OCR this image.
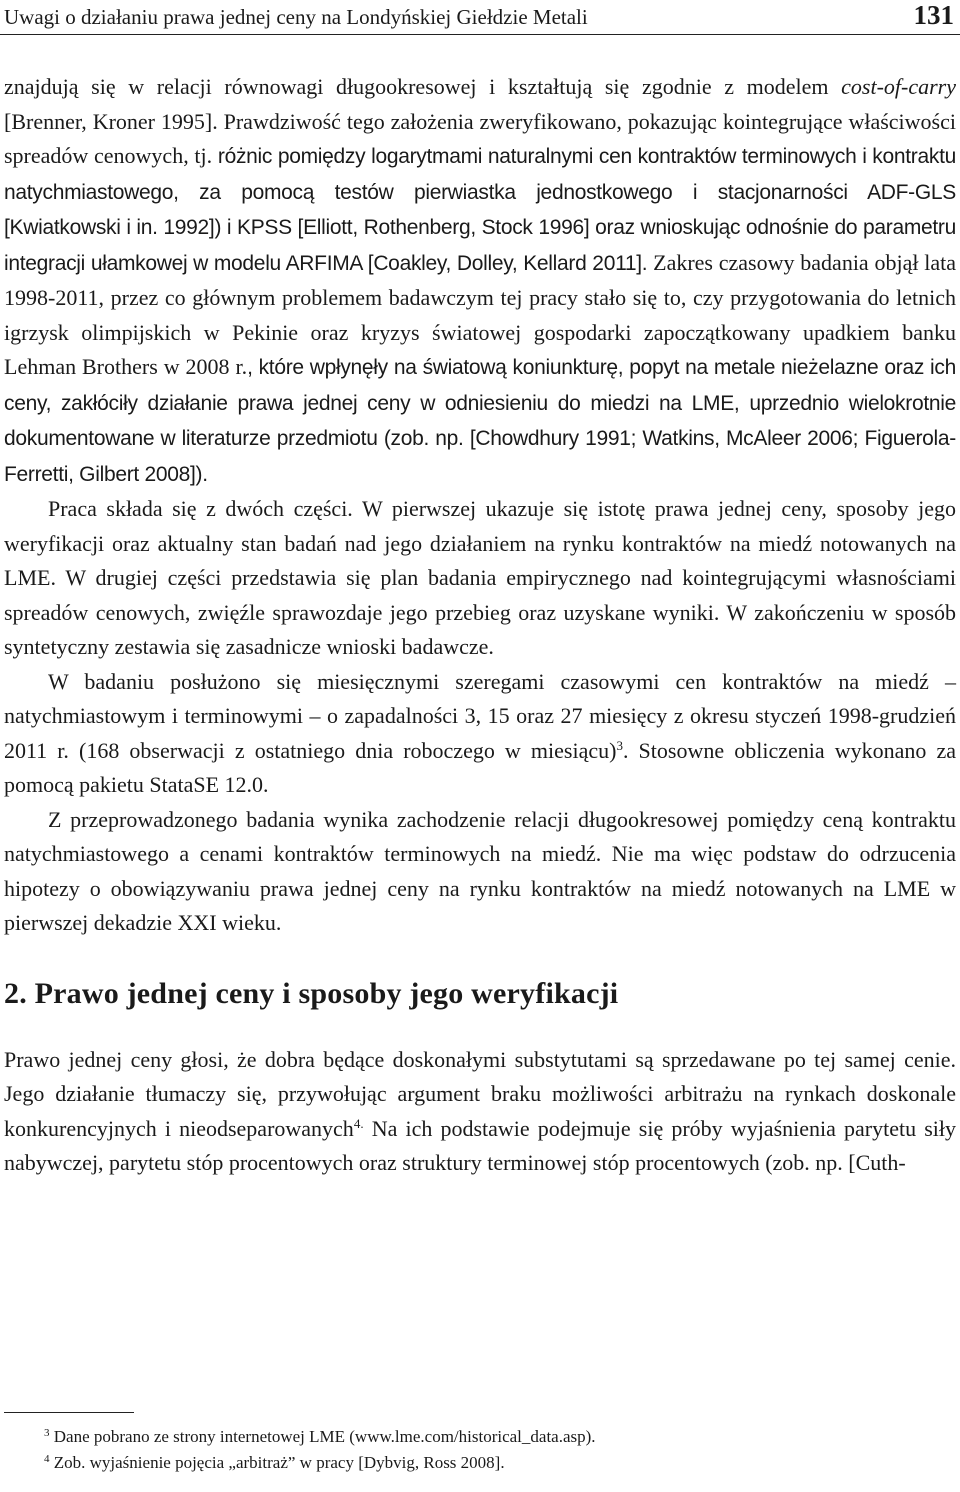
Uwagi o działaniu prawa jednej ceny na Londyńskiej Giełdzie Metali	131

znajdują się w relacji równowagi długookresowej i kształtują się zgodnie z modelem cost-of-carry [Brenner, Kroner 1995]. Prawdziwość tego założenia zweryfikowano, pokazując kointegrujące właściwości spreadów cenowych, tj. różnic pomiędzy logarytmami naturalnymi cen kontraktów terminowych i kontraktu natychmiastowego, za pomocą testów pierwiastka jednostkowego i stacjonarności ADF-GLS [Kwiatkowski i in. 1992]) i KPSS [Elliott, Rothenberg, Stock 1996] oraz wnioskując odnośnie do parametru integracji ułamkowej w modelu ARFIMA [Coakley, Dolley, Kellard 2011]. Zakres czasowy badania objął lata 1998-2011, przez co głównym problemem badawczym tej pracy stało się to, czy przygotowania do letnich igrzysk olimpijskich w Pekinie oraz kryzys światowej gospodarki zapoczątkowany upadkiem banku Lehman Brothers w 2008 r., które wpłynęły na światową koniunkturę, popyt na metale nieżelazne oraz ich ceny, zakłóciły działanie prawa jednej ceny w odniesieniu do miedzi na LME, uprzednio wielokrotnie dokumentowane w literaturze przedmiotu (zob. np. [Chowdhury 1991; Watkins, McAleer 2006; Figuerola-Ferretti, Gilbert 2008]).

Praca składa się z dwóch części. W pierwszej ukazuje się istotę prawa jednej ceny, sposoby jego weryfikacji oraz aktualny stan badań nad jego działaniem na rynku kontraktów na miedź notowanych na LME. W drugiej części przedstawia się plan badania empirycznego nad kointegrującymi własnościami spreadów cenowych, zwięźle sprawozdaje jego przebieg oraz uzyskane wyniki. W zakończeniu w sposób syntetyczny zestawia się zasadnicze wnioski badawcze.

W badaniu posłużono się miesięcznymi szeregami czasowymi cen kontraktów na miedź – natychmiastowym i terminowymi – o zapadalności 3, 15 oraz 27 miesięcy z okresu styczeń 1998-grudzień 2011 r. (168 obserwacji z ostatniego dnia roboczego w miesiącu)$^3$. Stosowne obliczenia wykonano za pomocą pakietu StataSE 12.0.

Z przeprowadzonego badania wynika zachodzenie relacji długookresowej pomiędzy ceną kontraktu natychmiastowego a cenami kontraktów terminowych na miedź. Nie ma więc podstaw do odrzucenia hipotezy o obowiązywaniu prawa jednej ceny na rynku kontraktów na miedź notowanych na LME w pierwszej dekadzie XXI wieku.

2. Prawo jednej ceny i sposoby jego weryfikacji

Prawo jednej ceny głosi, że dobra będące doskonałymi substytutami są sprzedawane po tej samej cenie. Jego działanie tłumaczy się, przywołując argument braku możliwości arbitrażu na rynkach doskonale konkurencyjnych i nieodseparowanych$^{4.}$ Na ich podstawie podejmuje się próby wyjaśnienia parytetu siły nabywczej, parytetu stóp procentowych oraz struktury terminowej stóp procentowych (zob. np. [Cuth-

$^3$ Dane pobrano ze strony internetowej LME (www.lme.com/historical_data.asp).

$^4$ Zob. wyjaśnienie pojęcia „arbitraż” w pracy [Dybvig, Ross 2008].
